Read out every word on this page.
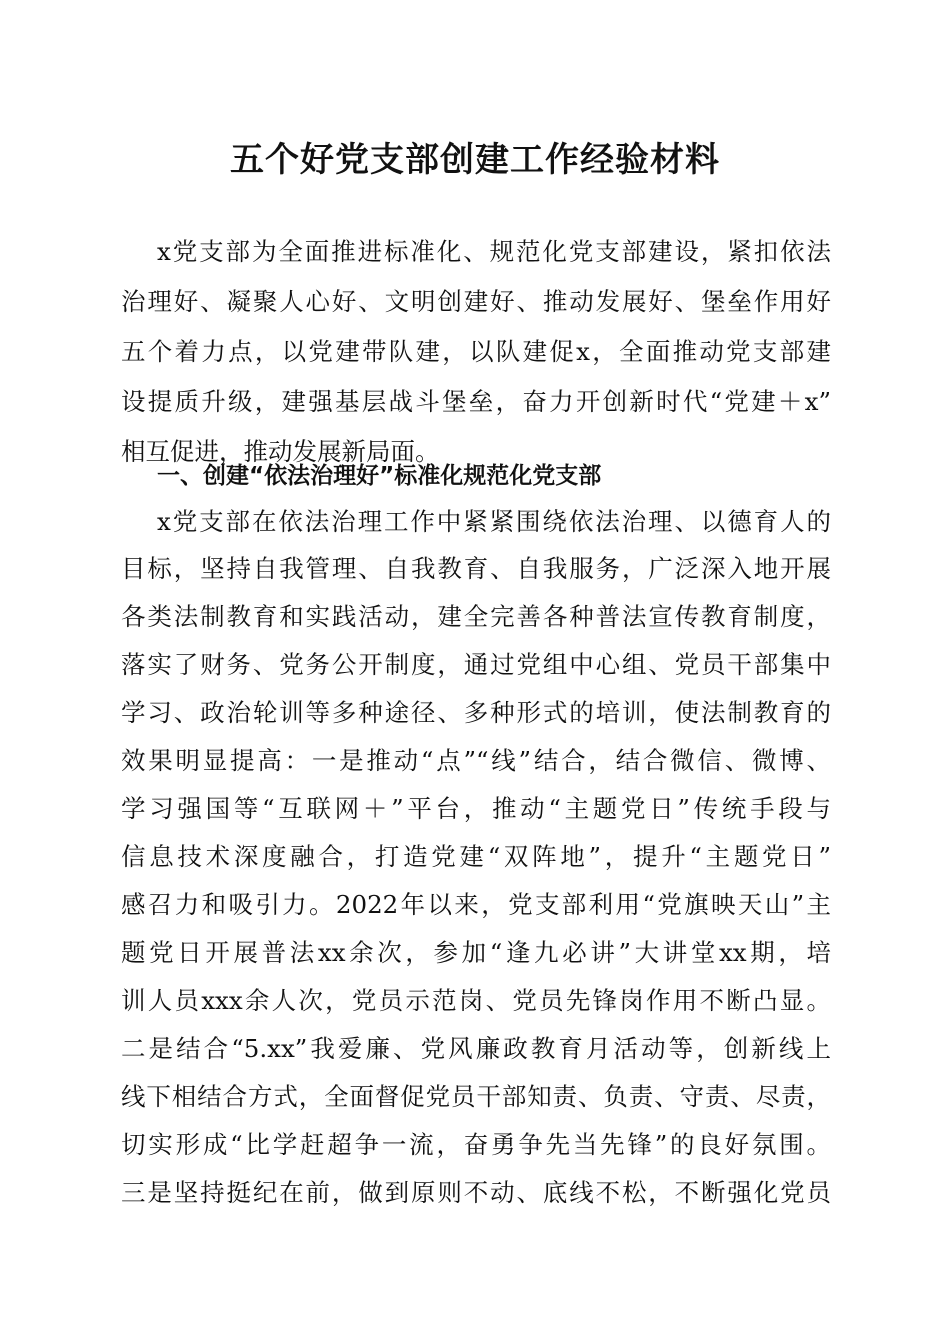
五个好党支部创建工作经验材料

x党支部为全面推进标准化、规范化党支部建设，紧扣依法

治理好、凝聚人心好、文明创建好、推动发展好、堡垒作用好

五个着力点，以党建带队建，以队建促x，全面推动党支部建

设提质升级，建强基层战斗堡垒，奋力开创新时代“党建＋x”

相互促进，推动发展新局面。

一、创建“依法治理好”标准化规范化党支部

x党支部在依法治理工作中紧紧围绕依法治理、以德育人的

目标，坚持自我管理、自我教育、自我服务，广泛深入地开展

各类法制教育和实践活动，建全完善各种普法宣传教育制度，

落实了财务、党务公开制度，通过党组中心组、党员干部集中

学习、政治轮训等多种途径、多种形式的培训，使法制教育的

效果明显提高：一是推动“点”“线”结合，结合微信、微博、

学习强国等“互联网＋”平台，推动“主题党日”传统手段与

信息技术深度融合，打造党建“双阵地”，提升“主题党日”

感召力和吸引力。2022年以来，党支部利用“党旗映天山”主

题党日开展普法xx余次，参加“逢九必讲”大讲堂xx期，培

训人员xxx余人次，党员示范岗、党员先锋岗作用不断凸显。

二是结合“5.xx”我爱廉、党风廉政教育月活动等，创新线上

线下相结合方式，全面督促党员干部知责、负责、守责、尽责，

切实形成“比学赶超争一流，奋勇争先当先锋”的良好氛围。

三是坚持挺纪在前，做到原则不动、底线不松，不断强化党员
